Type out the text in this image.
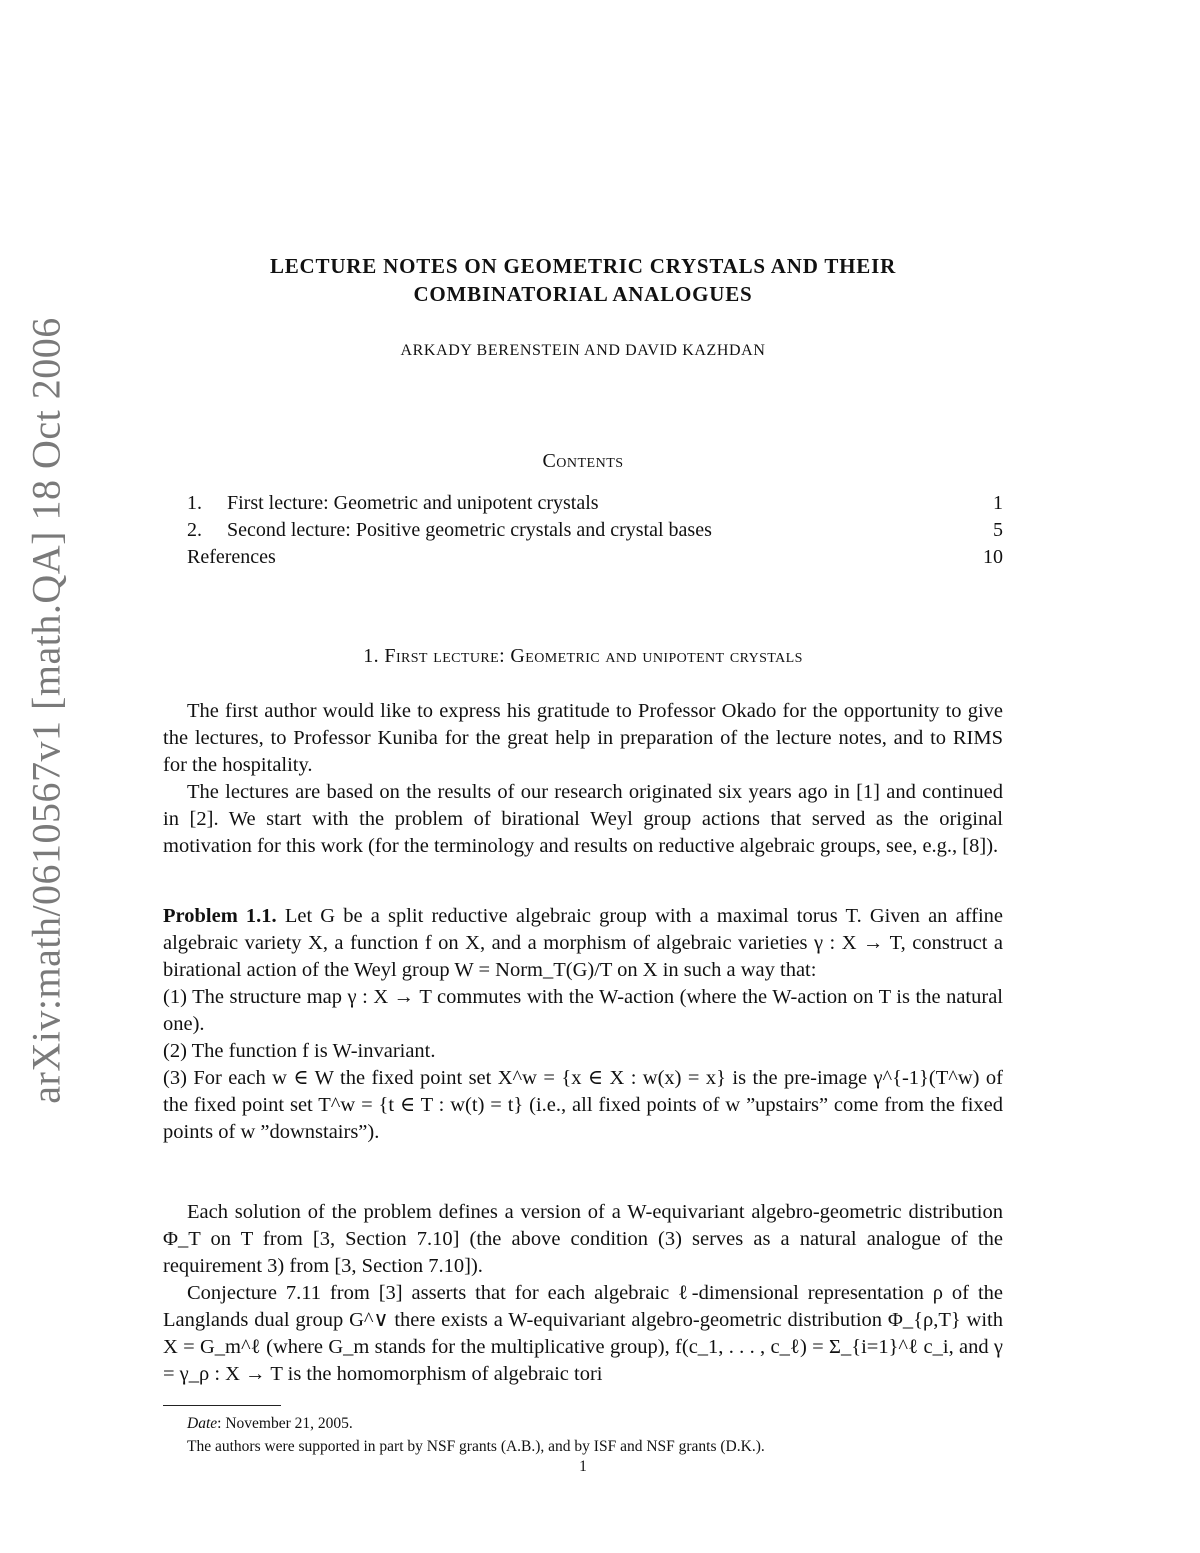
arXiv:math/0610567v1 [math.QA] 18 Oct 2006
LECTURE NOTES ON GEOMETRIC CRYSTALS AND THEIR
COMBINATORIAL ANALOGUES
ARKADY BERENSTEIN AND DAVID KAZHDAN
Contents
1. First lecture: Geometric and unipotent crystals	1
2. Second lecture: Positive geometric crystals and crystal bases	5
References	10
1. First lecture: Geometric and unipotent crystals

The first author would like to express his gratitude to Professor Okado for the opportunity to give the lectures, to Professor Kuniba for the great help in preparation of the lecture notes, and to RIMS for the hospitality.

The lectures are based on the results of our research originated six years ago in [1] and continued in [2]. We start with the problem of birational Weyl group actions that served as the original motivation for this work (for the terminology and results on reductive algebraic groups, see, e.g., [8]).

Problem 1.1. Let G be a split reductive algebraic group with a maximal torus T. Given an affine algebraic variety X, a function f on X, and a morphism of algebraic varieties γ : X → T, construct a birational action of the Weyl group W = Norm_T(G)/T on X in such a way that:

(1) The structure map γ : X → T commutes with the W-action (where the W-action on T is the natural one).

(2) The function f is W-invariant.

(3) For each w ∈ W the fixed point set X^w = {x ∈ X : w(x) = x} is the pre-image γ^{-1}(T^w) of the fixed point set T^w = {t ∈ T : w(t) = t} (i.e., all fixed points of w ”upstairs” come from the fixed points of w ”downstairs”).

Each solution of the problem defines a version of a W-equivariant algebro-geometric distribution Φ_T on T from [3, Section 7.10] (the above condition (3) serves as a natural analogue of the requirement 3) from [3, Section 7.10]).

Conjecture 7.11 from [3] asserts that for each algebraic ℓ-dimensional representation ρ of the Langlands dual group G^∨ there exists a W-equivariant algebro-geometric distribution Φ_{ρ,T} with X = G_m^ℓ (where G_m stands for the multiplicative group), f(c_1, . . . , c_ℓ) = Σ_{i=1}^ℓ c_i, and γ = γ_ρ : X → T is the homomorphism of algebraic tori

Date: November 21, 2005.

The authors were supported in part by NSF grants (A.B.), and by ISF and NSF grants (D.K.).

1
